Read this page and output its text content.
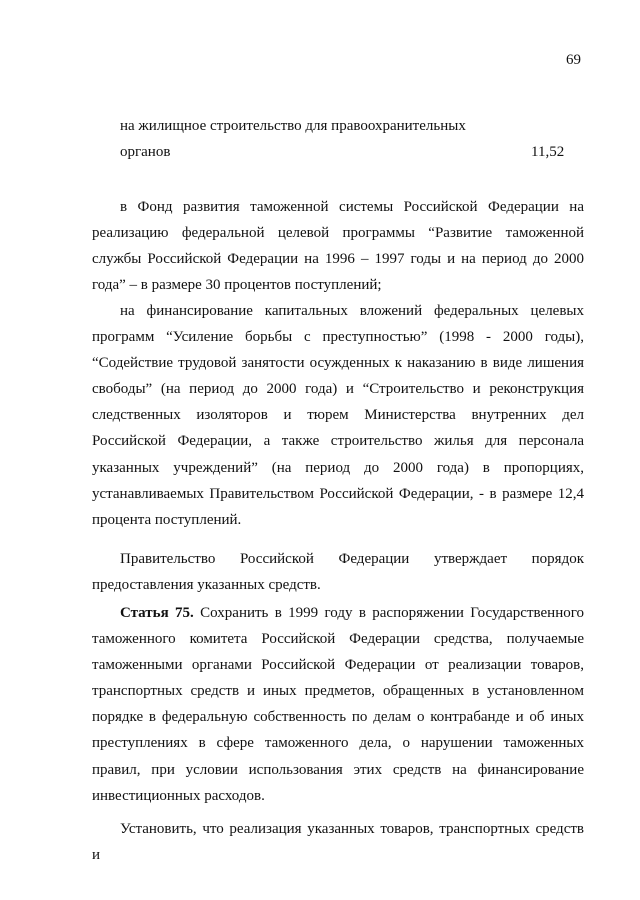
69
на жилищное строительство для правоохранительных
органов	11,52
в Фонд развития таможенной системы Российской Федерации на реализацию федеральной целевой программы “Развитие таможенной службы Российской Федерации на 1996 – 1997 годы и на период до 2000 года” – в размере 30 процентов поступлений;
на финансирование капитальных вложений федеральных целевых программ “Усиление борьбы с преступностью” (1998 - 2000 годы), “Содействие трудовой занятости осужденных к наказанию в виде лишения свободы” (на период до 2000 года) и “Строительство и реконструкция следственных изоляторов и тюрем Министерства внутренних дел Российской Федерации, а также строительство жилья для персонала указанных учреждений” (на период до 2000 года) в пропорциях, устанавливаемых Правительством Российской Федерации, - в размере 12,4 процента поступлений.
Правительство Российской Федерации утверждает порядок предоставления указанных средств.
Статья 75. Сохранить в 1999 году в распоряжении Государственного таможенного комитета Российской Федерации средства, получаемые таможенными органами Российской Федерации от реализации товаров, транспортных средств и иных предметов, обращенных в установленном порядке в федеральную собственность по делам о контрабанде и об иных преступлениях в сфере таможенного дела, о нарушении таможенных правил, при условии использования этих средств на финансирование инвестиционных расходов.
Установить, что реализация указанных товаров, транспортных средств и
